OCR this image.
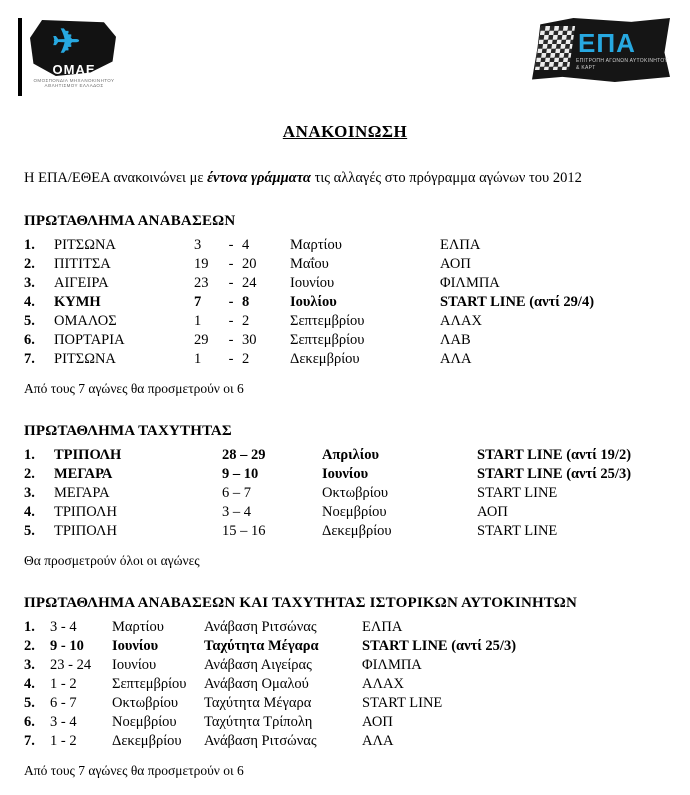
✈
OMAE
ΟΜΟΣΠΟΝΔΙΑ ΜΗΧΑΝΟΚΙΝΗΤΟΥ ΑΘΛΗΤΙΣΜΟΥ ΕΛΛΑΔΟΣ
ΕΠΑ
ΕΠΙΤΡΟΠΗ ΑΓΩΝΩΝ ΑΥΤΟΚΙΝΗΤΟΥ & ΚΑΡΤ
ΑΝΑΚΟΙΝΩΣΗ
Η ΕΠΑ/ΕΘΕΑ ανακοινώνει με έντονα γράμματα τις αλλαγές στο πρόγραμμα αγώνων του 2012
ΠΡΩΤΑΘΛΗΜΑ ΑΝΑΒΑΣΕΩΝ
1.	ΡΙΤΣΩΝΑ	3	-	4	Μαρτίου	ΕΛΠΑ
2.	ΠΙΤΙΤΣΑ	19	-	20	Μαΐου	ΑΟΠ
3.	ΑΙΓΕΙΡΑ	23	-	24	Ιουνίου	ΦΙΛΜΠΑ
4.	ΚΥΜΗ	7	-	8	Ιουλίου	START LINE (αντί 29/4)
5.	ΟΜΑΛΟΣ	1	-	2	Σεπτεμβρίου	ΑΛΑΧ
6.	ΠΟΡΤΑΡΙΑ	29	-	30	Σεπτεμβρίου	ΛΑΒ
7.	ΡΙΤΣΩΝΑ	1	-	2	Δεκεμβρίου	ΑΛΑ
Από τους 7 αγώνες θα προσμετρούν οι 6
ΠΡΩΤΑΘΛΗΜΑ ΤΑΧΥΤΗΤΑΣ
1.	ΤΡΙΠΟΛΗ	28 – 29	Απριλίου	START LINE (αντί 19/2)
2.	ΜΕΓΑΡΑ	9 – 10	Ιουνίου	START LINE (αντί 25/3)
3.	ΜΕΓΑΡΑ	6 – 7	Οκτωβρίου	START LINE
4.	ΤΡΙΠΟΛΗ	3 – 4	Νοεμβρίου	ΑΟΠ
5.	ΤΡΙΠΟΛΗ	15 – 16	Δεκεμβρίου	START LINE
Θα προσμετρούν όλοι οι αγώνες
ΠΡΩΤΑΘΛΗΜΑ ΑΝΑΒΑΣΕΩΝ ΚΑΙ ΤΑΧΥΤΗΤΑΣ ΙΣΤΟΡΙΚΩΝ ΑΥΤΟΚΙΝΗΤΩΝ
1.	3 - 4	Μαρτίου	Ανάβαση Ριτσώνας	ΕΛΠΑ
2.	9 - 10	Ιουνίου	Ταχύτητα Μέγαρα	START LINE (αντί 25/3)
3.	23 - 24	Ιουνίου	Ανάβαση Αιγείρας	ΦΙΛΜΠΑ
4.	1 - 2	Σεπτεμβρίου	Ανάβαση Ομαλού	ΑΛΑΧ
5.	6 - 7	Οκτωβρίου	Ταχύτητα Μέγαρα	START LINE
6.	3 - 4	Νοεμβρίου	Ταχύτητα Τρίπολη	ΑΟΠ
7.	1 - 2	Δεκεμβρίου	Ανάβαση Ριτσώνας	ΑΛΑ
Από τους 7 αγώνες θα προσμετρούν οι 6
